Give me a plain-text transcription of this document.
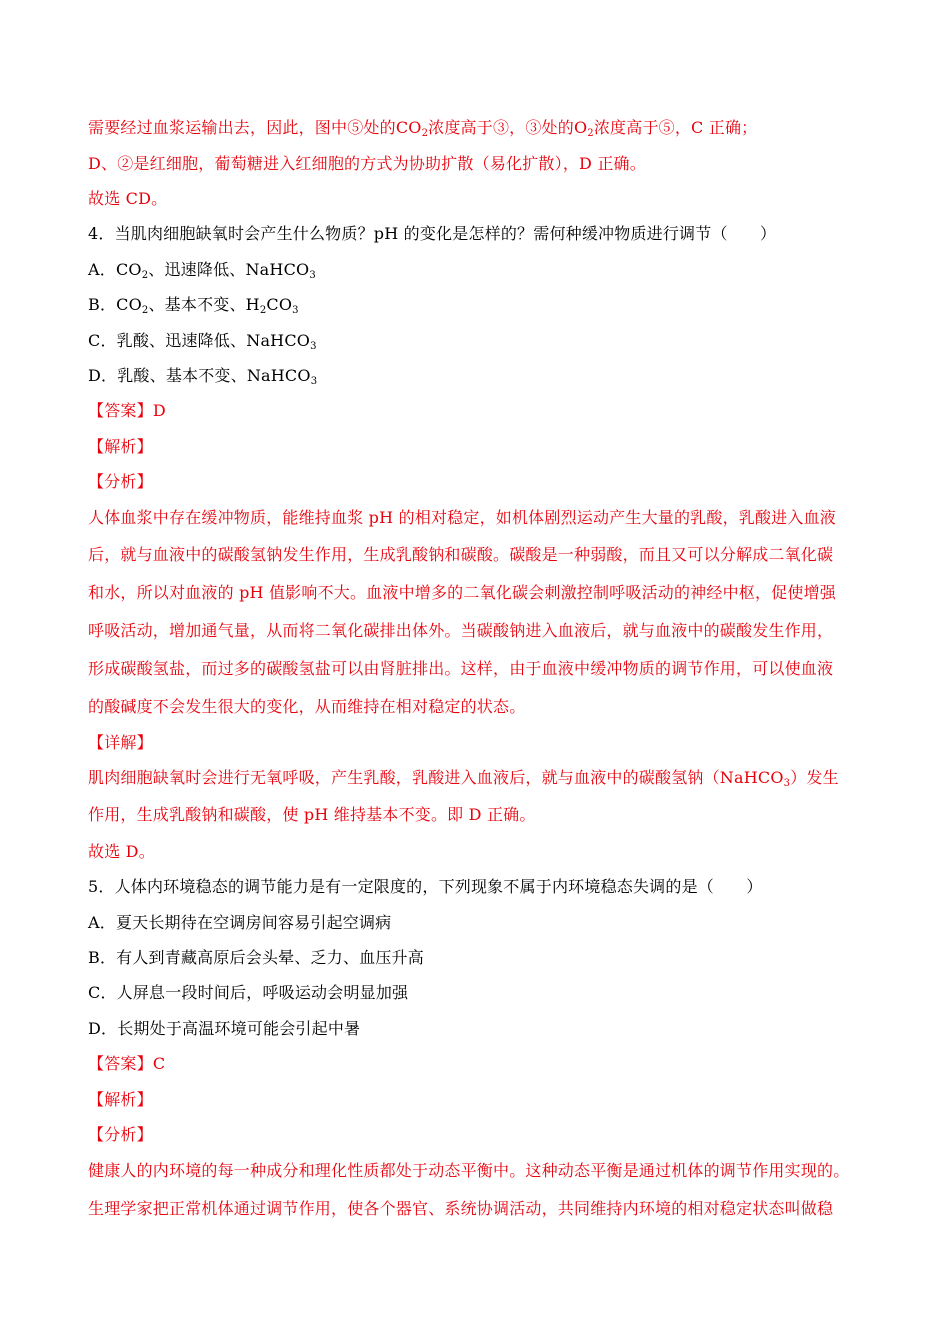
需要经过血浆运输出去，因此，图中⑤处的$CO_2$浓度高于③，③处的$O_2$浓度高于⑤，C 正确；
D、②是红细胞，葡萄糖进入红细胞的方式为协助扩散（易化扩散），D 正确。
故选 CD。
4．当肌肉细胞缺氧时会产生什么物质？pH 的变化是怎样的？需何种缓冲物质进行调节（　　）
A．$CO_2$、迅速降低、NaHCO$_3$
B．$CO_2$、基本不变、$H_2CO_3$
C．乳酸、迅速降低、NaHCO$_3$
D．乳酸、基本不变、NaHCO$_3$
【答案】D
【解析】
【分析】
人体血浆中存在缓冲物质，能维持血浆 pH 的相对稳定，如机体剧烈运动产生大量的乳酸，乳酸进入血液
后，就与血液中的碳酸氢钠发生作用，生成乳酸钠和碳酸。碳酸是一种弱酸，而且又可以分解成二氧化碳
和水，所以对血液的 pH 值影响不大。血液中增多的二氧化碳会刺激控制呼吸活动的神经中枢，促使增强
呼吸活动，增加通气量，从而将二氧化碳排出体外。当碳酸钠进入血液后，就与血液中的碳酸发生作用，
形成碳酸氢盐，而过多的碳酸氢盐可以由肾脏排出。这样，由于血液中缓冲物质的调节作用，可以使血液
的酸碱度不会发生很大的变化，从而维持在相对稳定的状态。
【详解】
肌肉细胞缺氧时会进行无氧呼吸，产生乳酸，乳酸进入血液后，就与血液中的碳酸氢钠（NaHCO$_3$）发生
作用，生成乳酸钠和碳酸，使 pH 维持基本不变。即 D 正确。
故选 D。
5．人体内环境稳态的调节能力是有一定限度的，下列现象不属于内环境稳态失调的是（　　）
A．夏天长期待在空调房间容易引起空调病
B．有人到青藏高原后会头晕、乏力、血压升高
C．人屏息一段时间后，呼吸运动会明显加强
D．长期处于高温环境可能会引起中暑
【答案】C
【解析】
【分析】
健康人的内环境的每一种成分和理化性质都处于动态平衡中。这种动态平衡是通过机体的调节作用实现的。
生理学家把正常机体通过调节作用，使各个器官、系统协调活动，共同维持内环境的相对稳定状态叫做稳
